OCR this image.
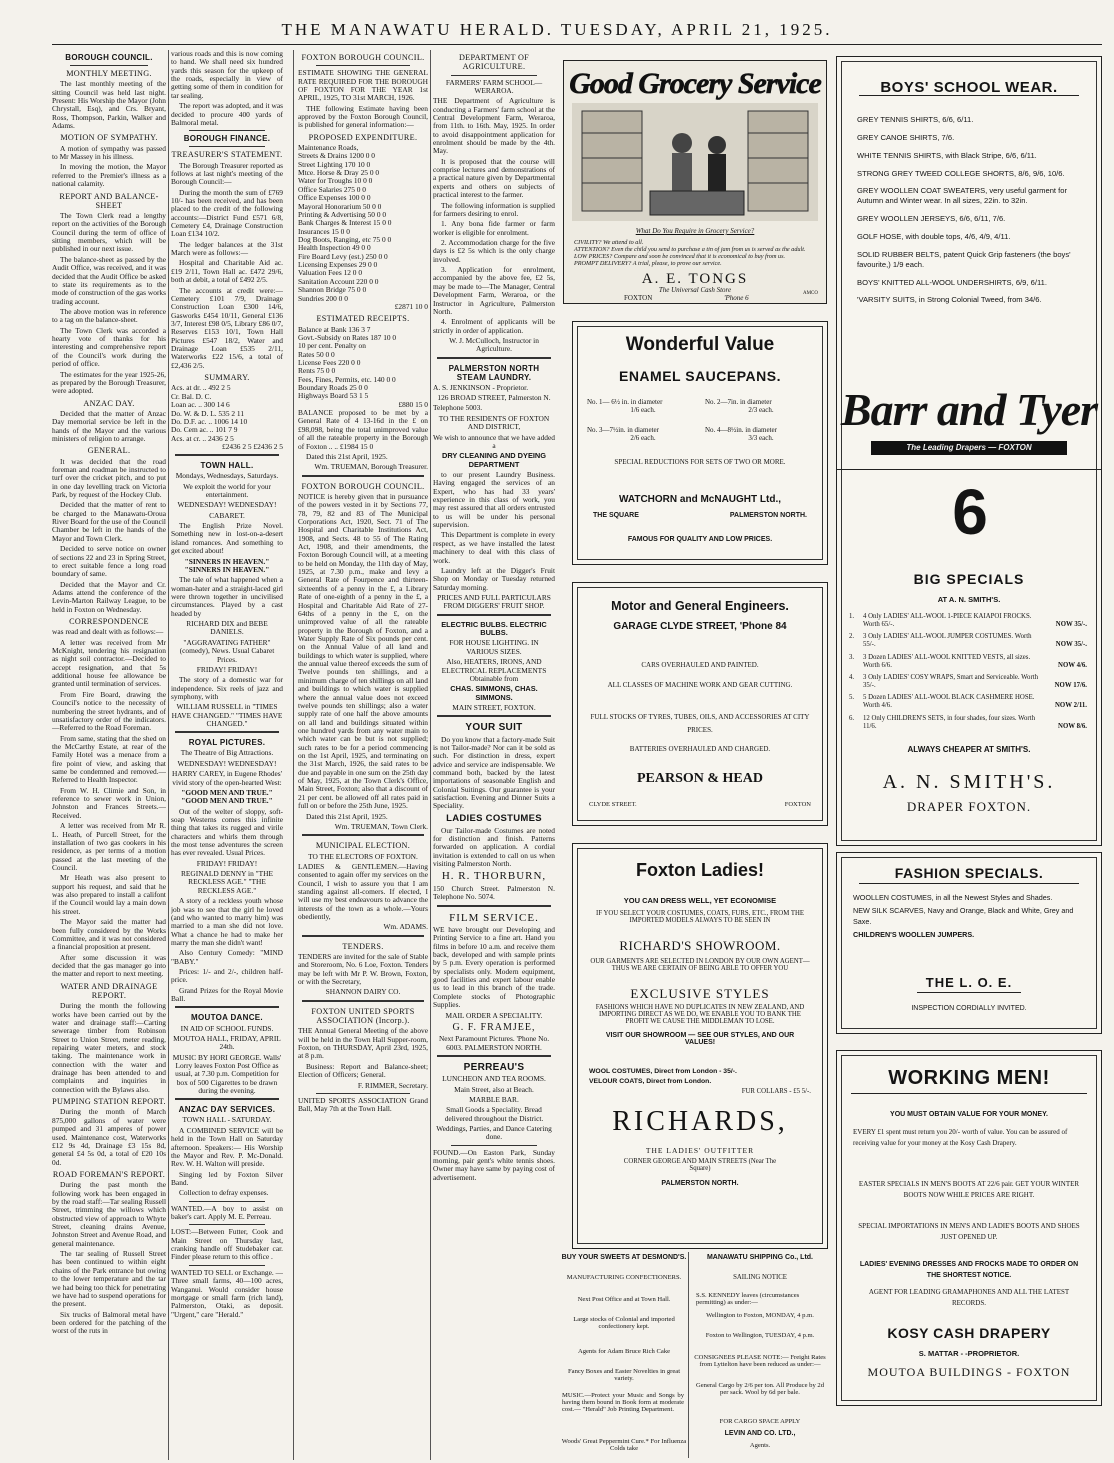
THE MANAWATU HERALD. TUESDAY, APRIL 21, 1925.
BOROUGH COUNCIL.
MONTHLY MEETING.

The last monthly meeting of the sitting Council was held last night. Present: His Worship the Mayor (John Chrystall, Esq), and Crs. Bryant, Ross, Thompson, Parkin, Walker and Adams.

MOTION OF SYMPATHY.

A motion of sympathy was passed to Mr Massey in his illness.

In moving the motion, the Mayor referred to the Premier's illness as a national calamity.

REPORT AND BALANCE-SHEET

The Town Clerk read a lengthy report on the activities of the Borough Council during the term of office of sitting members, which will be published in our next issue.

The balance-sheet as passed by the Audit Office, was received, and it was decided that the Audit Office be asked to state its requirements as to the mode of construction of the gas works trading account.

The above motion was in reference to a tag on the balance-sheet.

The Town Clerk was accorded a hearty vote of thanks for his interesting and comprehensive report of the Council's work during the period of office.

The estimates for the year 1925-26, as prepared by the Borough Treasurer, were adopted.

ANZAC DAY.

Decided that the matter of Anzac Day memorial service be left in the hands of the Mayor and the various ministers of religion to arrange.

GENERAL.

It was decided that the road foreman and roadman be instructed to turf over the cricket pitch, and to put in one day levelling track on Victoria Park, by request of the Hockey Club.

Decided that the matter of rent to be charged to the Manawatu-Oroua River Board for the use of the Council Chamber be left in the hands of the Mayor and Town Clerk.

Decided to serve notice on owner of sections 22 and 23 in Spring Street, to erect suitable fence a long road boundary of same.

Decided that the Mayor and Cr. Adams attend the conference of the Levin-Marton Railway League, to be held in Foxton on Wednesday.

CORRESPONDENCE

was read and dealt with as follows:—

A letter was received from Mr McKnight, tendering his resignation as night soil contractor.—Decided to accept resignation, and that 5s additional house fee allowance be granted until termination of services.

From Fire Board, drawing the Council's notice to the necessity of numbering the street hydrants, and of unsatisfactory order of the indicators.—Referred to the Road Foreman.

From same, stating that the shed on the McCarthy Estate, at rear of the Family Hotel was a menace from a fire point of view, and asking that same be condemned and removed.—Referred to Health Inspector.

From W. H. Climie and Son, in reference to sewer work in Union, Johnston and Frances Streets.—Received.

A letter was received from Mr R. L. Heath, of Purcell Street, for the installation of two gas cookers in his residence, as per terms of a motion passed at the last meeting of the Council.

Mr Heath was also present to support his request, and said that he was also prepared to install a califont if the Council would lay a main down his street.

The Mayor said the matter had been fully considered by the Works Committee, and it was not considered a financial proposition at present.

After some discussion it was decided that the gas manager go into the matter and report to next meeting.

WATER AND DRAINAGE REPORT.

During the month the following works have been carried out by the water and drainage staff:—Carting sewerage timber from Robinson Street to Union Street, meter reading, repairing water meters, and stock taking. The maintenance work in connection with the water and drainage has been attended to and complaints and inquiries in connection with the Bylaws also.

PUMPING STATION REPORT.

During the month of March 875,000 gallons of water were pumped and 31 amperes of power used. Maintenance cost, Waterworks £12 9s 4d, Drainage £3 15s 8d, general £4 5s 0d, a total of £20 10s 0d.

ROAD FOREMAN'S REPORT.

During the past month the following work has been engaged in by the road staff:—Tar sealing Russell Street, trimming the willows which obstructed view of approach to Whyte Street, cleaning drains Avenue, Johnston Street and Avenue Road, and general maintenance.

The tar sealing of Russell Street has been continued to within eight chains of the Park entrance but owing to the lower temperature and the tar we had being too thick for penetrating we have had to suspend operations for the present.

Six trucks of Balmoral metal have been ordered for the patching of the worst of the ruts in

various roads and this is now coming to hand. We shall need six hundred yards this season for the upkeep of the roads, especially in view of getting some of them in condition for tar sealing.

The report was adopted, and it was decided to procure 400 yards of Balmoral metal.

BOROUGH FINANCE.
TREASURER'S STATEMENT.

The Borough Treasurer reported as follows at last night's meeting of the Borough Council:—

During the month the sum of £769 10/- has been received, and has been placed to the credit of the following accounts:—District Fund £571 6/8, Cemetery £4, Drainage Construction Loan £134 10/2.

The ledger balances at the 31st March were as follows:—

Hospital and Charitable Aid ac. £19 2/11, Town Hall ac. £472 29/6, both at debit, a total of £492 2/5.

The accounts at credit were:—Cemetery £101 7/9, Drainage Construction Loan £300 14/6, Gasworks £454 10/11, General £136 3/7, Interest £98 0/5, Library £86 0/7, Reserves £153 10/1, Town Hall Pictures £547 18/2, Water and Drainage Loan £535 2/11, Waterworks £22 15/6, a total of £2,436 2/5.

SUMMARY.
Acs. at dr. .. 492 2 5
Cr. Bal. D. C.
Loan ac. .. 300 14 6
Do. W. & D. L. 535 2 11
Do. D.F. ac. .. 1006 14 10
Do. Cem ac. .. 101 7 9
Acs. at cr. .. 2436 2 5
£2436 2 5 £2436 2 5
TOWN HALL.

Mondays, Wednesdays, Saturdays.

We exploit the world for your entertainment.

WEDNESDAY! WEDNESDAY!

CABARET.

The English Prize Novel. Something new in lost-on-a-desert island romances. And something to get excited about!

"SINNERS IN HEAVEN." "SINNERS IN HEAVEN."

The tale of what happened when a woman-hater and a straight-laced girl were thrown together in uncivilised circumstances. Played by a cast headed by

RICHARD DIX and BEBE DANIELS.

"AGGRAVATING FATHER" (comedy), News. Usual Cabaret Prices.

FRIDAY! FRIDAY!

The story of a domestic war for independence. Six reels of jazz and symphony, with

WILLIAM RUSSELL in "TIMES HAVE CHANGED." "TIMES HAVE CHANGED."

ROYAL PICTURES.

The Theatre of Big Attractions.

WEDNESDAY! WEDNESDAY!

HARRY CAREY, in Eugene Rhodes' vivid story of the open-hearted West:

"GOOD MEN AND TRUE." "GOOD MEN AND TRUE."

Out of the welter of sloppy, soft-soap Westerns comes this infinite thing that takes its rugged and virile characters and whirls them through the most tense adventures the screen has ever revealed. Usual Prices.

FRIDAY! FRIDAY!

REGINALD DENNY in "THE RECKLESS AGE." "THE RECKLESS AGE."

A story of a reckless youth whose job was to see that the girl he loved (and who wanted to marry him) was married to a man she did not love. What a chance he had to make her marry the man she didn't want!

Also Century Comedy: "MIND "BABY."

Prices: 1/- and 2/-, children half-price.

Grand Prizes for the Royal Movie Ball.

MOUTOA DANCE.

IN AID OF SCHOOL FUNDS.

MOUTOA HALL, FRIDAY, APRIL 24th.

MUSIC BY HORI GEORGE. Walls' Lorry leaves Foxton Post Office as usual, at 7.30 p.m. Competition for box of 500 Cigarettes to be drawn during the evening.

ANZAC DAY SERVICES.

TOWN HALL - SATURDAY.

A COMBINED SERVICE will be held in the Town Hall on Saturday afternoon. Speakers:— His Worship the Mayor and Rev. P. Mc-Donald. Rev. W. H. Walton will preside.

Singing led by Foxton Silver Band.

Collection to defray expenses.

WANTED.—A boy to assist on baker's cart. Apply M. E. Perreau.

LOST:—Between Futter, Cook and Main Street on Thursday last, cranking handle off Studebaker car. Finder please return to this office .

WANTED TO SELL or Exchange. —Three small farms, 40—100 acres, Wanganui. Would consider house mortgage or small farm (rich land), Palmerston, Otaki, as deposit. "Urgent," care "Herald."

FOXTON BOROUGH COUNCIL.

ESTIMATE SHOWING THE GENERAL RATE REQUIRED FOR THE BOROUGH OF FOXTON FOR THE YEAR 1st APRIL, 1925, TO 31st MARCH, 1926.

THE following Estimate having been approved by the Foxton Borough Council, is published for general information:—

PROPOSED EXPENDITURE.
Maintenance Roads,
Streets & Drains 1200 0 0
Street Lighting 170 10 0
Mtce. Horse & Dray 25 0 0
Water for Troughs 10 0 0
Office Salaries 275 0 0
Office Expenses 100 0 0
Mayoral Honorarium 50 0 0
Printing & Advertising 50 0 0
Bank Charges & Interest 15 0 0
Insurances 15 0 0
Dog Boots, Ranging, etc 75 0 0
Health Inspection 49 0 0
Fire Board Levy (est.) 250 0 0
Licensing Expenses 29 0 0
Valuation Fees 12 0 0
Sanitation Account 220 0 0
Shannon Bridge 75 0 0
Sundries 200 0 0
£2871 10 0
ESTIMATED RECEIPTS.
Balance at Bank 136 3 7
Govt.-Subsidy on Rates 187 10 0
10 per cent. Penalty on
Rates 50 0 0
License Fees 220 0 0
Rents 75 0 0
Fees, Fines, Permits, etc. 140 0 0
Boundary Roads 25 0 0
Highways Board 53 1 5
£880 15 0

BALANCE proposed to be met by a General Rate of 4 13-16d in the £ on £98,098, being the total unimproved value of all the rateable property in the Borough of Foxton .. .. £1984 15 0

Dated this 21st April, 1925.

Wm. TRUEMAN, Borough Treasurer.

FOXTON BOROUGH COUNCIL.

NOTICE is hereby given that in pursuance of the powers vested in it by Sections 77, 78, 79, 82 and 83 of The Municipal Corporations Act, 1920, Sect. 71 of The Hospital and Charitable Institutions Act, 1908, and Sects. 48 to 55 of The Rating Act, 1908, and their amendments, the Foxton Borough Council will, at a meeting to be held on Monday, the 11th day of May, 1925, at 7.30 p.m., make and levy a General Rate of Fourpence and thirteen-sixteenths of a penny in the £, a Library Rate of one-eighth of a penny in the £, a Hospital and Charitable Aid Rate of 27-64ths of a penny in the £, on the unimproved value of all the rateable property in the Borough of Foxton, and a Water Supply Rate of Six pounds per cent. on the Annual Value of all land and buildings to which water is supplied, where the annual value thereof exceeds the sum of Twelve pounds ten shillings, and a minimum charge of ten shillings on all land and buildings to which water is supplied where the annual value does not exceed twelve pounds ten shillings; also a water supply rate of one half the above amounts on all land and buildings situated within one hundred yards from any water main to which water can be but is not supplied; such rates to be for a period commencing on the 1st April, 1925, and terminating on the 31st March, 1926, the said rates to be due and payable in one sum on the 25th day of May, 1925, at the Town Clerk's Office, Main Street, Foxton; also that a discount of 21 per cent. be allowed off all rates paid in full on or before the 25th June, 1925.

Dated this 21st April, 1925.

Wm. TRUEMAN, Town Clerk.

MUNICIPAL ELECTION.

TO THE ELECTORS OF FOXTON.

LADIES & GENTLEMEN.—Having consented to again offer my services on the Council, I wish to assure you that I am standing against all-comers. If elected, I will use my best endeavours to advance the interests of the town as a whole.—Yours obediently,

Wm. ADAMS.

TENDERS.

TENDERS are invited for the sale of Stable and Storeroom, No. 6 Loe, Foxton. Tenders may be left with Mr P. W. Brown, Foxton, or with the Secretary,

SHANNON DAIRY CO.

FOXTON UNITED SPORTS ASSOCIATION (Incorp.).

THE Annual General Meeting of the above will be held in the Town Hall Supper-room, Foxton, on THURSDAY, April 23rd, 1925, at 8 p.m.

Business: Report and Balance-sheet; Election of Officers; General.

F. RIMMER, Secretary.

UNITED SPORTS ASSOCIATION Grand Ball, May 7th at the Town Hall.

DEPARTMENT OF AGRICULTURE.

FARMERS' FARM SCHOOL— WERAROA.

THE Department of Agriculture is conducting a Farmers' farm school at the Central Development Farm, Weraroa, from 11th. to 16th. May, 1925. In order to avoid disappointment application for enrolment should be made by the 4th. May.

It is proposed that the course will comprise lectures and demonstrations of a practical nature given by Departmental experts and others on subjects of practical interest to the farmer.

The following information is supplied for farmers desiring to enrol.

1. Any bona fide farmer or farm worker is eligible for enrolment.

2. Accommodation charge for the five days is £2 5s which is the only charge involved.

3. Application for enrolment, accompanied by the above fee, £2 5s, may be made to—The Manager, Central Development Farm, Weraroa, or the Instructor in Agriculture, Palmerston North.

4. Enrolment of applicants will be strictly in order of application.

W. J. McCulloch, Instructor in Agriculture.

PALMERSTON NORTH STEAM LAUNDRY.

A. S. JENKINSON - Proprietor.

126 BROAD STREET, Palmerston N.

Telephone 5003.

TO THE RESIDENTS OF FOXTON AND DISTRICT,

We wish to announce that we have added a

DRY CLEANING AND DYEING DEPARTMENT

to our present Laundry Business. Having engaged the services of an Expert, who has had 33 years' experience in this class of work, you may rest assured that all orders entrusted to us will be under his personal supervision.

This Department is complete in every respect, as we have installed the latest machinery to deal with this class of work.

Laundry left at the Digger's Fruit Shop on Monday or Tuesday returned Saturday morning.

PRICES AND FULL PARTICULARS FROM DIGGERS' FRUIT SHOP.

ELECTRIC BULBS. ELECTRIC BULBS.

FOR HOUSE LIGHTING. IN VARIOUS SIZES.

Also, HEATERS, IRONS, AND ELECTRICAL REPLACEMENTS Obtainable from

CHAS. SIMMONS, CHAS. SIMMONS.

MAIN STREET, FOXTON.

YOUR SUIT

Do you know that a factory-made Suit is not Tailor-made? Nor can it be sold as such. For distinction in dress, expert advice and service are indispensable. We command both, backed by the latest importations of seasonable English and Colonial Suitings. Our guarantee is your satisfaction. Evening and Dinner Suits a Speciality.

LADIES COSTUMES

Our Tailor-made Costumes are noted for distinction and finish. Patterns forwarded on application. A cordial invitation is extended to call on us when visiting Palmerston North.

H. R. THORBURN,

150 Church Street. Palmerston N. Telephone No. 5074.

FILM SERVICE.

WE have brought our Developing and Printing Service to a fine art. Hand you films in before 10 a.m. and receive them back, developed and with sample prints by 5 p.m. Every operation is performed by specialists only. Modern equipment, good facilities and expert labour enable us to lead in this branch of the trade. Complete stocks of Photographic Supplies.

MAIL ORDER A SPECIALITY.

G. F. FRAMJEE,

Next Paramount Pictures. 'Phone No. 6003. PALMERSTON NORTH.

PERREAU'S

LUNCHEON AND TEA ROOMS.

Main Street, also at Beach.

MARBLE BAR.

Small Goods a Speciality. Bread delivered throughout the District.

Weddings, Parties, and Dance Catering done.

FOUND.—On Easton Park, Sunday morning, pair gent's white tennis shoes. Owner may have same by paying cost of advertisement.

Good Grocery Service
What Do You Require in Grocery Service?
CIVILITY? We attend to all.
ATTENTION? Even the child you send to purchase a tin of jam from us is served as the adult.
LOW PRICES? Compare and soon be convinced that it is economical to buy from us.
PROMPT DELIVERY? A trial, please, to prove our service.
A. E. TONGS
The Universal Cash Store
FOXTON	'Phone 6
AMCO
Wonderful Value
ENAMEL SAUCEPANS.
No. 1— 6½ in. in diameter
1/6 each.
No. 2—7in. in diameter
2/3 each.
No. 3—7½in. in diameter
2/6 each.
No. 4—8½in. in diameter
3/3 each.
SPECIAL REDUCTIONS FOR SETS OF TWO OR MORE.
WATCHORN and McNAUGHT Ltd.,
THE SQUARE	PALMERSTON NORTH.
FAMOUS FOR QUALITY AND LOW PRICES.
Motor and General Engineers.
GARAGE CLYDE STREET, 'Phone 84
CARS OVERHAULED AND PAINTED.
ALL CLASSES OF MACHINE WORK AND GEAR CUTTING.
FULL STOCKS OF TYRES, TUBES, OILS, AND ACCESSORIES AT CITY PRICES.
BATTERIES OVERHAULED AND CHARGED.
PEARSON & HEAD
CLYDE STREET.	FOXTON
Foxton Ladies!
YOU CAN DRESS WELL, YET ECONOMISE
IF YOU SELECT YOUR COSTUMES, COATS, FURS, ETC., FROM THE IMPORTED MODELS ALWAYS TO BE SEEN IN
RICHARD'S SHOWROOM.
OUR GARMENTS ARE SELECTED IN LONDON BY OUR OWN AGENT—THUS WE ARE CERTAIN OF BEING ABLE TO OFFER YOU
EXCLUSIVE STYLES
FASHIONS WHICH HAVE NO DUPLICATES IN NEW ZEALAND, AND IMPORTING DIRECT AS WE DO, WE ENABLE YOU TO BANK THE PROFIT WE CAUSE THE MIDDLEMAN TO LOSE.
VISIT OUR SHOWROOM — SEE OUR STYLES, AND OUR VALUES!
WOOL COSTUMES, Direct from London - 35/-.
VELOUR COATS, Direct from London.
FUR COLLARS - £5 5/-.
RICHARDS,
THE LADIES' OUTFITTER
CORNER GEORGE AND MAIN STREETS (Near The Square)
PALMERSTON NORTH.
BUY YOUR SWEETS AT DESMOND'S.
MANUFACTURING CONFECTIONERS.
Next Post Office and at Town Hall.
Large stocks of Colonial and imported confectionery kept.
Agents for Adam Bruce Rich Cake
Fancy Boxes and Easter Novelties in great variety.
MUSIC.—Protect your Music and Songs by having them bound in Book form at moderate cost.— "Herald" Job Printing Department.
Woods' Great Peppermint Cure.* For Influenza Colds take
MANAWATU SHIPPING Co., Ltd.
SAILING NOTICE
S.S. KENNEDY leaves (circumstances permitting) as under:—
Wellington to Foxton, MONDAY, 4 p.m.
Foxton to Wellington, TUESDAY, 4 p.m.
CONSIGNEES PLEASE NOTE:— Freight Rates from Lyttelton have been reduced as under:—
General Cargo by 2/6 per ton. All Produce by 2d per sack. Wool by 6d per bale.
FOR CARGO SPACE APPLY
LEVIN AND CO. LTD.,
Agents.
BOYS' SCHOOL WEAR.
GREY TENNIS SHIRTS, 6/6, 6/11.
GREY CANOE SHIRTS, 7/6.
WHITE TENNIS SHIRTS, with Black Stripe, 6/6, 6/11.
STRONG GREY TWEED COLLEGE SHORTS, 8/6, 9/6, 10/6.
GREY WOOLLEN COAT SWEATERS, very useful garment for Autumn and Winter wear. In all sizes, 22in. to 32in.
GREY WOOLLEN JERSEYS, 6/6, 6/11, 7/6.
GOLF HOSE, with double tops, 4/6, 4/9, 4/11.
SOLID RUBBER BELTS, patent Quick Grip fasteners (the boys' favourite,) 1/9 each.
BOYS' KNITTED ALL-WOOL UNDERSHIRTS, 6/9, 6/11.
'VARSITY SUITS, in Strong Colonial Tweed, from 34/6.
Barr and Tyer
The Leading Drapers — FOXTON
6
BIG SPECIALS
AT A. N. SMITH'S.
1.	4 Only LADIES' ALL-WOOL 1-PIECE KAIAPOI FROCKS. Worth 65/-.	NOW 35/-.
2.	3 Only LADIES' ALL-WOOL JUMPER COSTUMES. Worth 55/-.	NOW 35/-.
3.	3 Dozen LADIES' ALL-WOOL KNITTED VESTS, all sizes. Worth 6/6.	NOW 4/6.
4.	3 Only LADIES' COSY WRAPS, Smart and Serviceable. Worth 35/-.	NOW 17/6.
5.	5 Dozen LADIES' ALL-WOOL BLACK CASHMERE HOSE. Worth 4/6.	NOW 2/11.
6.	12 Only CHILDREN'S SETS, in four shades, four sizes. Worth 11/6.	NOW 8/6.
ALWAYS CHEAPER AT SMITH'S.
A. N. SMITH'S.
DRAPER FOXTON.
FASHION SPECIALS.
WOOLLEN COSTUMES, in all the Newest Styles and Shades.
NEW SILK SCARVES, Navy and Orange, Black and White, Grey and Saxe.
CHILDREN'S WOOLLEN JUMPERS.
THE L. O. E.
INSPECTION CORDIALLY INVITED.
WORKING MEN!
YOU MUST OBTAIN VALUE FOR YOUR MONEY.
EVERY £1 spent must return you 20/- worth of value. You can be assured of receiving value for your money at the Kosy Cash Drapery.
EASTER SPECIALS IN MEN'S BOOTS AT 22/6 pair. GET YOUR WINTER BOOTS NOW WHILE PRICES ARE RIGHT.
SPECIAL IMPORTATIONS IN MEN'S AND LADIE'S BOOTS AND SHOES JUST OPENED UP.
LADIES' EVENING DRESSES AND FROCKS MADE TO ORDER ON THE SHORTEST NOTICE.
AGENT FOR LEADING GRAMAPHONES AND ALL THE LATEST RECORDS.
KOSY CASH DRAPERY
S. MATTAR - -PROPRIETOR.
MOUTOA BUILDINGS - FOXTON
